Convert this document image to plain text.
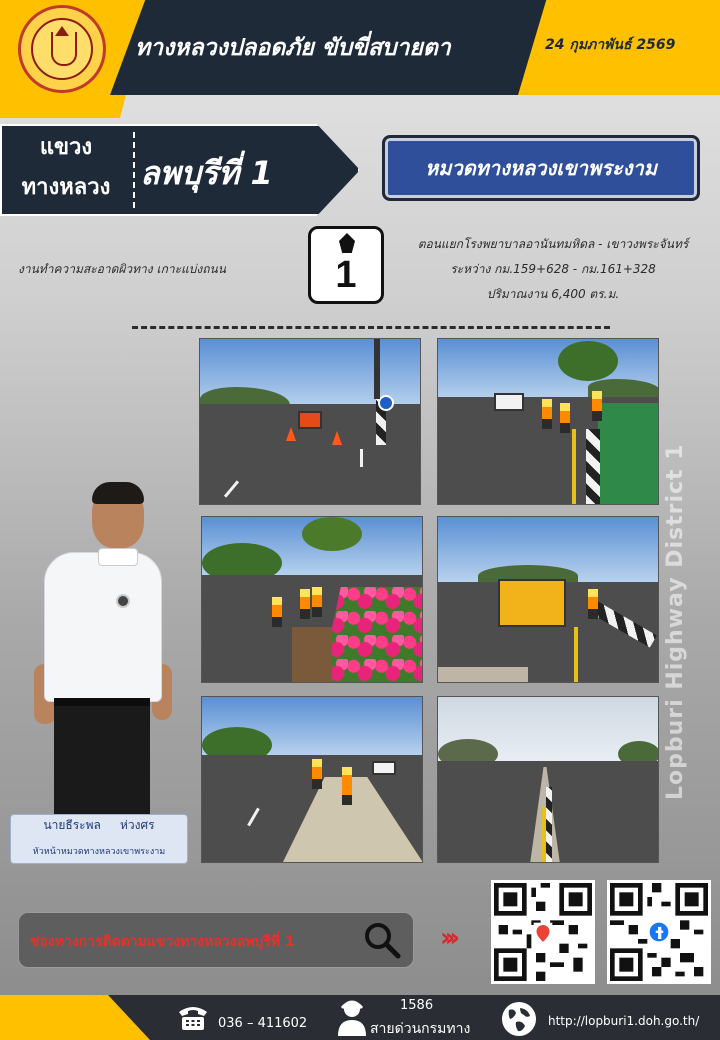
ทางหลวงปลอดภัย ขับขี่สบายตา	24 กุมภาพันธ์ 2569
แขวง
ทางหลวง ลพบุรีที่ 1	หมวดทางหลวงเขาพระงาม
งานทำความสะอาดผิวทาง เกาะแบ่งถนน	1
ตอนแยกโรงพยาบาลอานันทมหิดล - เขาวงพระจันทร์
ระหว่าง กม.159+628 - กม.161+328
ปริมาณงาน 6,400 ตร.ม.
นายธีระพล ห่วงศร
หัวหน้าหมวดทางหลวงเขาพระงาม
Lopburi Highway District 1
ช่องทางการติดตามแขวงทางหลวงลพบุรีที่ 1	›››
036 – 411602
1586
สายด่วนกรมทาง	http://lopburi1.doh.go.th/
